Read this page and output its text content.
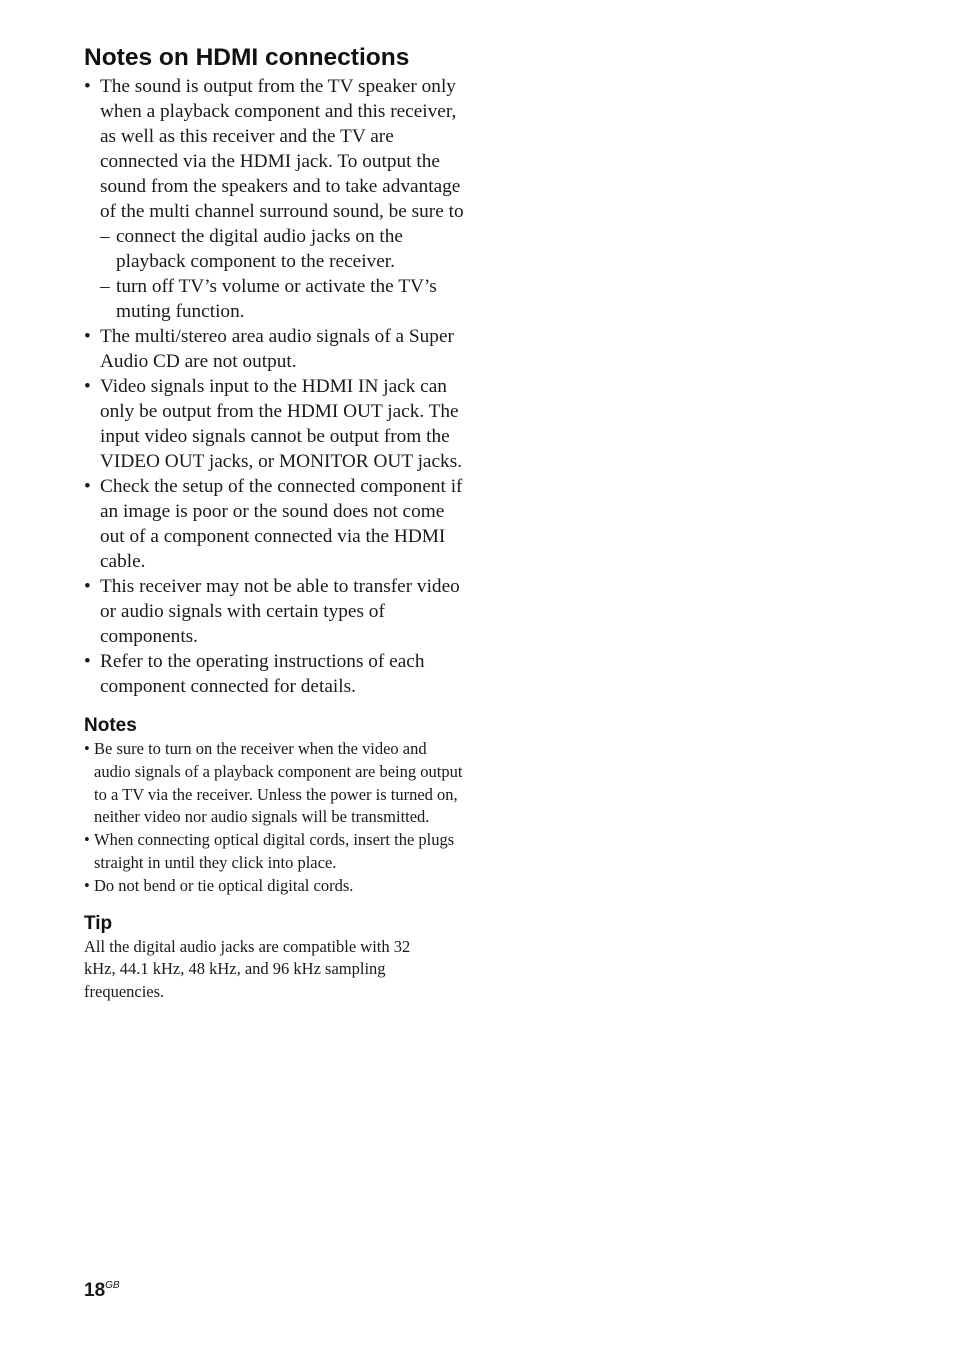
Notes on HDMI connections
• The sound is output from the TV speaker only when a playback component and this receiver, as well as this receiver and the TV are connected via the HDMI jack. To output the sound from the speakers and to take advantage of the multi channel surround sound, be sure to
– connect the digital audio jacks on the playback component to the receiver.
– turn off TV’s volume or activate the TV’s muting function.
• The multi/stereo area audio signals of a Super Audio CD are not output.
• Video signals input to the HDMI IN jack can only be output from the HDMI OUT jack. The input video signals cannot be output from the VIDEO OUT jacks, or MONITOR OUT jacks.
• Check the setup of the connected component if an image is poor or the sound does not come out of a component connected via the HDMI cable.
• This receiver may not be able to transfer video or audio signals with certain types of components.
• Refer to the operating instructions of each component connected for details.
Notes
• Be sure to turn on the receiver when the video and audio signals of a playback component are being output to a TV via the receiver. Unless the power is turned on, neither video nor audio signals will be transmitted.
• When connecting optical digital cords, insert the plugs straight in until they click into place.
• Do not bend or tie optical digital cords.
Tip

All the digital audio jacks are compatible with 32 kHz, 44.1 kHz, 48 kHz, and 96 kHz sampling frequencies.

$18^{GB}$
